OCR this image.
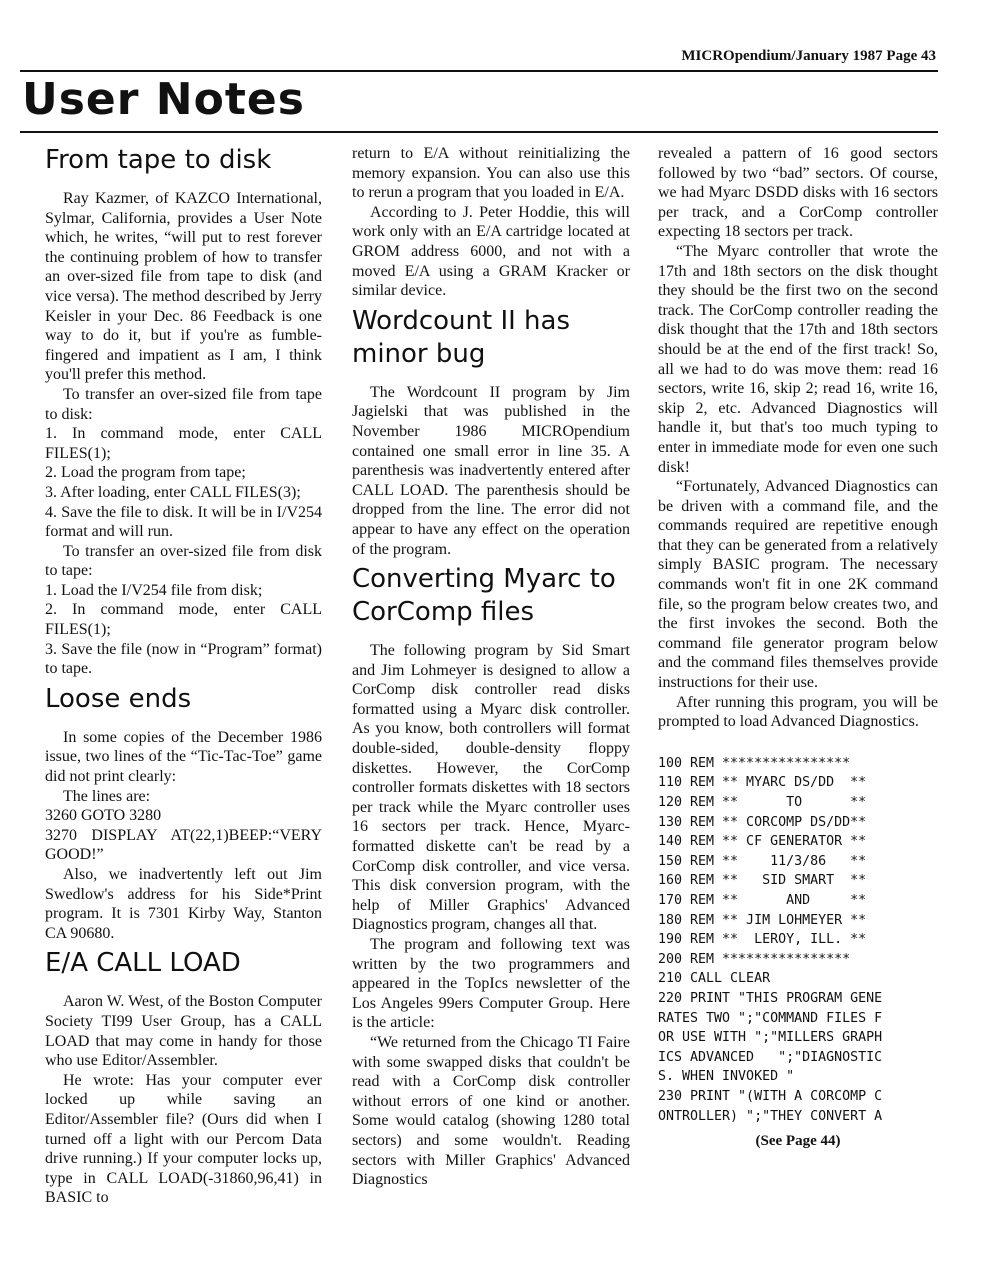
MICROpendium/January 1987 Page 43
User Notes
From tape to disk

Ray Kazmer, of KAZCO International, Sylmar, California, provides a User Note which, he writes, “will put to rest forever the continuing problem of how to transfer an over-sized file from tape to disk (and vice versa). The method described by Jerry Keisler in your Dec. 86 Feedback is one way to do it, but if you're as fumble-fingered and impatient as I am, I think you'll prefer this method.

To transfer an over-sized file from tape to disk:

1. In command mode, enter CALL FILES(1);

2. Load the program from tape;

3. After loading, enter CALL FILES(3);

4. Save the file to disk. It will be in I/V254 format and will run.

To transfer an over-sized file from disk to tape:

1. Load the I/V254 file from disk;

2. In command mode, enter CALL FILES(1);

3. Save the file (now in “Program” format) to tape.

Loose ends

In some copies of the December 1986 issue, two lines of the “Tic-Tac-Toe” game did not print clearly:

The lines are:

3260 GOTO 3280

3270 DISPLAY AT(22,1)BEEP:“VERY GOOD!”

Also, we inadvertently left out Jim Swedlow's address for his Side*Print program. It is 7301 Kirby Way, Stanton CA 90680.

E/A CALL LOAD

Aaron W. West, of the Boston Computer Society TI99 User Group, has a CALL LOAD that may come in handy for those who use Editor/Assembler.

He wrote: Has your computer ever locked up while saving an Editor/Assembler file? (Ours did when I turned off a light with our Percom Data drive running.) If your computer locks up, type in CALL LOAD(-31860,96,41) in BASIC to

return to E/A without reinitializing the memory expansion. You can also use this to rerun a program that you loaded in E/A.

According to J. Peter Hoddie, this will work only with an E/A cartridge located at GROM address 6000, and not with a moved E/A using a GRAM Kracker or similar device.

Wordcount II has minor bug

The Wordcount II program by Jim Jagielski that was published in the November 1986 MICROpendium contained one small error in line 35. A parenthesis was inadvertently entered after CALL LOAD. The parenthesis should be dropped from the line. The error did not appear to have any effect on the operation of the program.

Converting Myarc to CorComp files

The following program by Sid Smart and Jim Lohmeyer is designed to allow a CorComp disk controller read disks formatted using a Myarc disk controller. As you know, both controllers will format double-sided, double-density floppy diskettes. However, the CorComp controller formats diskettes with 18 sectors per track while the Myarc controller uses 16 sectors per track. Hence, Myarc-formatted diskette can't be read by a CorComp disk controller, and vice versa. This disk conversion program, with the help of Miller Graphics' Advanced Diagnostics program, changes all that.

The program and following text was written by the two programmers and appeared in the TopIcs newsletter of the Los Angeles 99ers Computer Group. Here is the article:

“We returned from the Chicago TI Faire with some swapped disks that couldn't be read with a CorComp disk controller without errors of one kind or another. Some would catalog (showing 1280 total sectors) and some wouldn't. Reading sectors with Miller Graphics' Advanced Diagnostics

revealed a pattern of 16 good sectors followed by two “bad” sectors. Of course, we had Myarc DSDD disks with 16 sectors per track, and a CorComp controller expecting 18 sectors per track.

“The Myarc controller that wrote the 17th and 18th sectors on the disk thought they should be the first two on the second track. The CorComp controller reading the disk thought that the 17th and 18th sectors should be at the end of the first track! So, all we had to do was move them: read 16 sectors, write 16, skip 2; read 16, write 16, skip 2, etc. Advanced Diagnostics will handle it, but that's too much typing to enter in immediate mode for even one such disk!

“Fortunately, Advanced Diagnostics can be driven with a command file, and the commands required are repetitive enough that they can be generated from a relatively simply BASIC program. The necessary commands won't fit in one 2K command file, so the program below creates two, and the first invokes the second. Both the command file generator program below and the command files themselves provide instructions for their use.

After running this program, you will be prompted to load Advanced Diagnostics.

100 REM ****************
110 REM ** MYARC DS/DD  **
120 REM **      TO      **
130 REM ** CORCOMP DS/DD**
140 REM ** CF GENERATOR **
150 REM **    11/3/86   **
160 REM **   SID SMART  **
170 REM **      AND     **
180 REM ** JIM LOHMEYER **
190 REM **  LEROY, ILL. **
200 REM ****************
210 CALL CLEAR
220 PRINT "THIS PROGRAM GENE
RATES TWO ";"COMMAND FILES F
OR USE WITH ";"MILLERS GRAPH
ICS ADVANCED   ";"DIAGNOSTIC
S. WHEN INVOKED "
230 PRINT "(WITH A CORCOMP C
ONTROLLER) ";"THEY CONVERT A
(See Page 44)
